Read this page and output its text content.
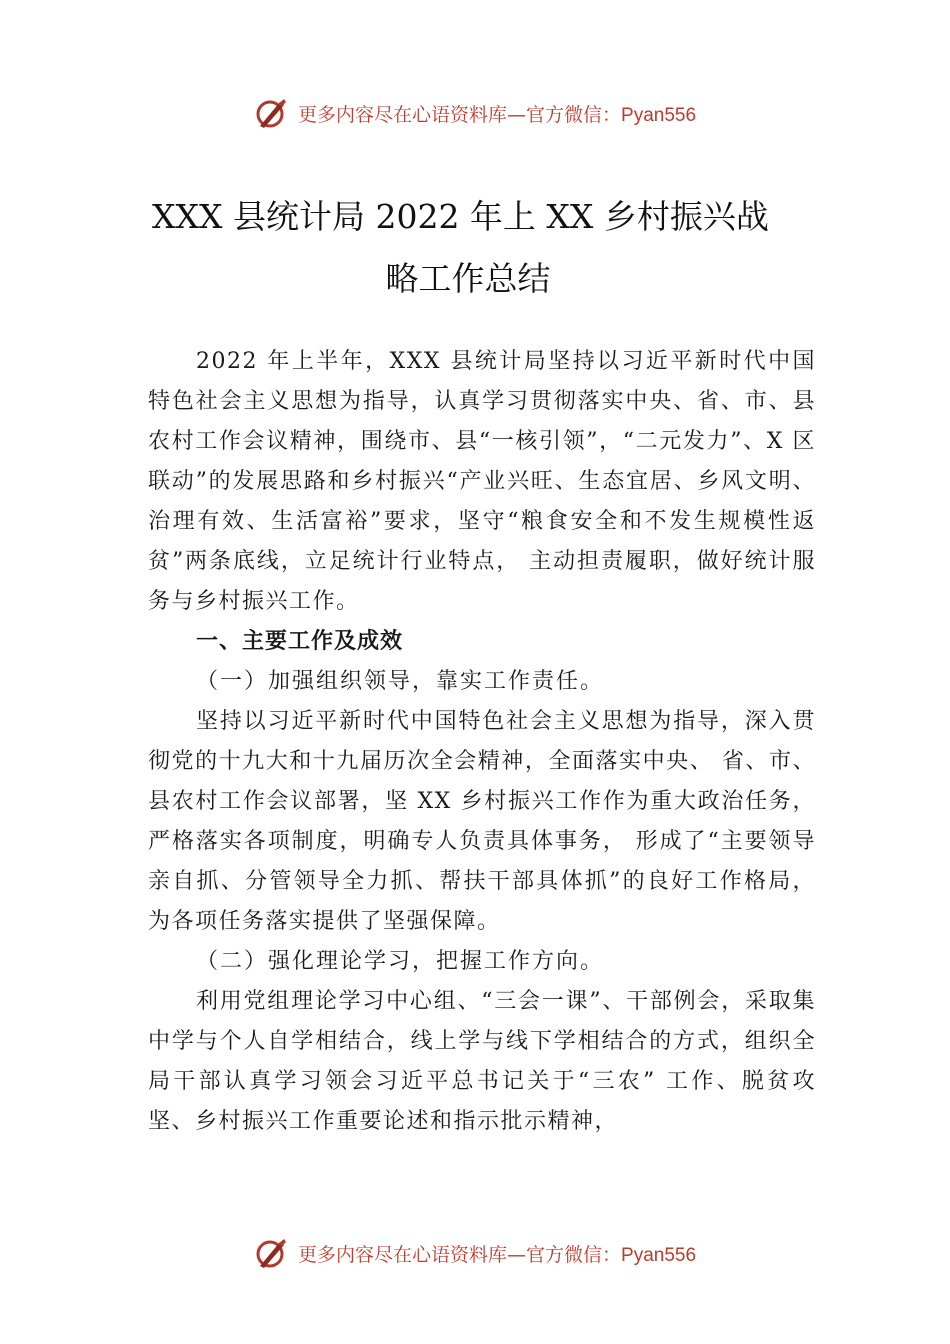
更多内容尽在心语资料库—官方微信：Pyan556
XXX 县统计局 2022 年上 XX 乡村振兴战
略工作总结

2022 年上半年，XXX 县统计局坚持以习近平新时代中国特色社会主义思想为指导，认真学习贯彻落实中央、省、市、县农村工作会议精神，围绕市、县“一核引领”，“二元发力”、X 区联动”的发展思路和乡村振兴“产业兴旺、生态宜居、乡风文明、治理有效、生活富裕”要求，坚守“粮食安全和不发生规模性返贫”两条底线，立足统计行业特点， 主动担责履职，做好统计服务与乡村振兴工作。

一、主要工作及成效

（一）加强组织领导，靠实工作责任。

坚持以习近平新时代中国特色社会主义思想为指导，深入贯彻党的十九大和十九届历次全会精神，全面落实中央、 省、市、县农村工作会议部署，坚 XX 乡村振兴工作作为重大政治任务，严格落实各项制度，明确专人负责具体事务， 形成了“主要领导亲自抓、分管领导全力抓、帮扶干部具体抓”的良好工作格局，为各项任务落实提供了坚强保障。

（二）强化理论学习，把握工作方向。

利用党组理论学习中心组、“三会一课”、干部例会，采取集中学与个人自学相结合，线上学与线下学相结合的方式，组织全局干部认真学习领会习近平总书记关于“三农” 工作、脱贫攻坚、乡村振兴工作重要论述和指示批示精神，

更多内容尽在心语资料库—官方微信：Pyan556
